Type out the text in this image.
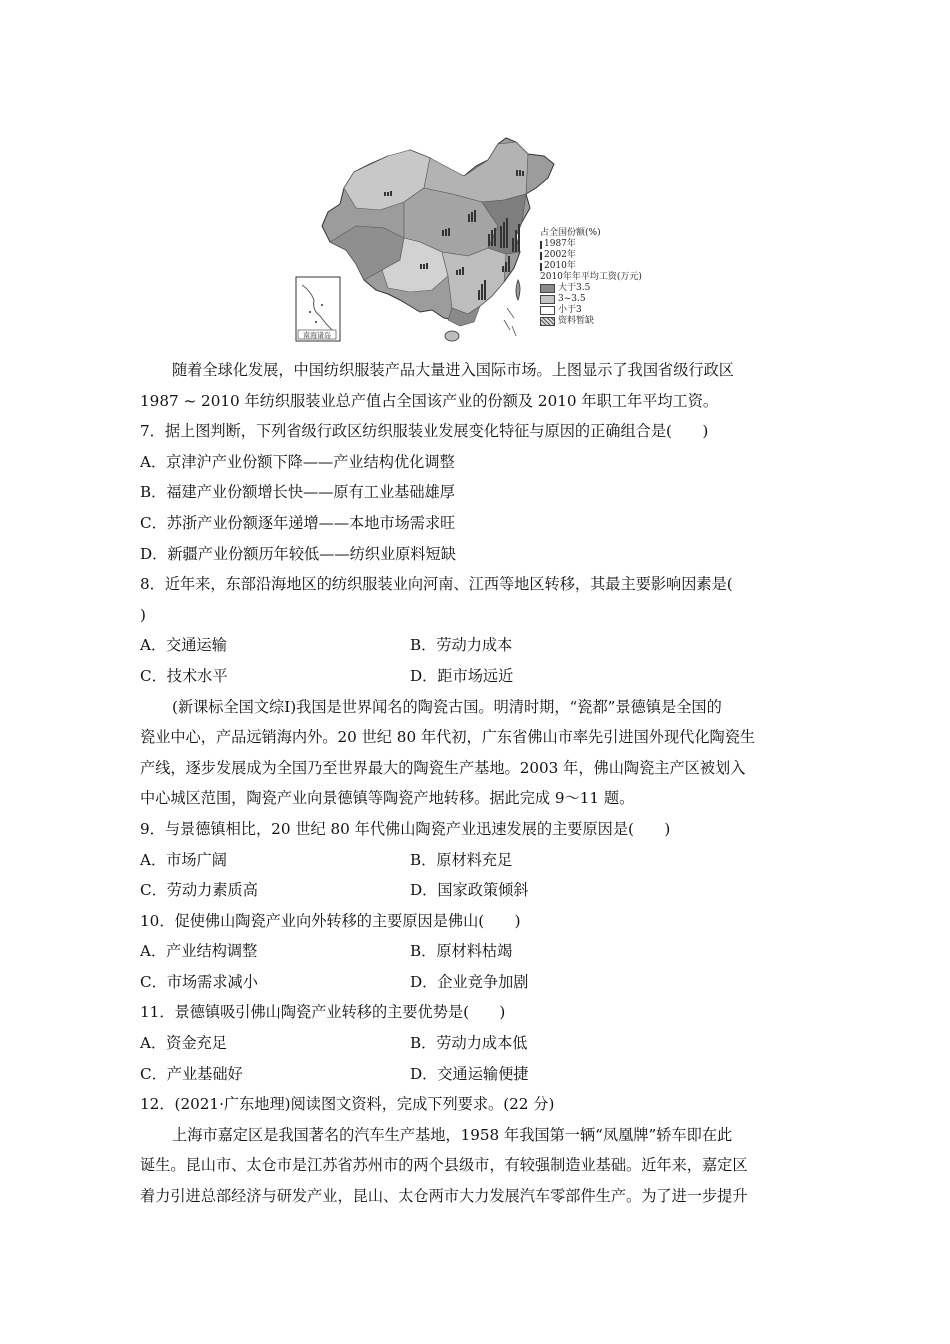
南海诸岛
占全国份额(%)
1987年
2002年
2010年
2010年年平均工资(万元)
大于3.5
3~3.5
小于3
资料暂缺
随着全球化发展，中国纺织服装产品大量进入国际市场。上图显示了我国省级行政区
1987 ~ 2010 年纺织服装业总产值占全国该产业的份额及 2010 年职工年平均工资。
7．据上图判断，下列省级行政区纺织服装业发展变化特征与原因的正确组合是(　　)
A．京津沪产业份额下降——产业结构优化调整
B．福建产业份额增长快——原有工业基础雄厚
C．苏浙产业份额逐年递增——本地市场需求旺
D．新疆产业份额历年较低——纺织业原料短缺
8．近年来，东部沿海地区的纺织服装业向河南、江西等地区转移，其最主要影响因素是(
)
A．交通运输	B．劳动力成本
C．技术水平	D．距市场远近
(新课标全国文综Ⅰ)我国是世界闻名的陶瓷古国。明清时期，“瓷都”景德镇是全国的
瓷业中心，产品远销海内外。20 世纪 80 年代初，广东省佛山市率先引进国外现代化陶瓷生
产线，逐步发展成为全国乃至世界最大的陶瓷生产基地。2003 年，佛山陶瓷主产区被划入
中心城区范围，陶瓷产业向景德镇等陶瓷产地转移。据此完成 9～11 题。
9．与景德镇相比，20 世纪 80 年代佛山陶瓷产业迅速发展的主要原因是(　　)
A．市场广阔	B．原材料充足
C．劳动力素质高	D．国家政策倾斜
10．促使佛山陶瓷产业向外转移的主要原因是佛山(　　)
A．产业结构调整	B．原材料枯竭
C．市场需求减小	D．企业竞争加剧
11．景德镇吸引佛山陶瓷产业转移的主要优势是(　　)
A．资金充足	B．劳动力成本低
C．产业基础好	D．交通运输便捷
12．(2021·广东地理)阅读图文资料，完成下列要求。(22 分)
上海市嘉定区是我国著名的汽车生产基地，1958 年我国第一辆“凤凰牌”轿车即在此
诞生。昆山市、太仓市是江苏省苏州市的两个县级市，有较强制造业基础。近年来，嘉定区
着力引进总部经济与研发产业，昆山、太仓两市大力发展汽车零部件生产。为了进一步提升
